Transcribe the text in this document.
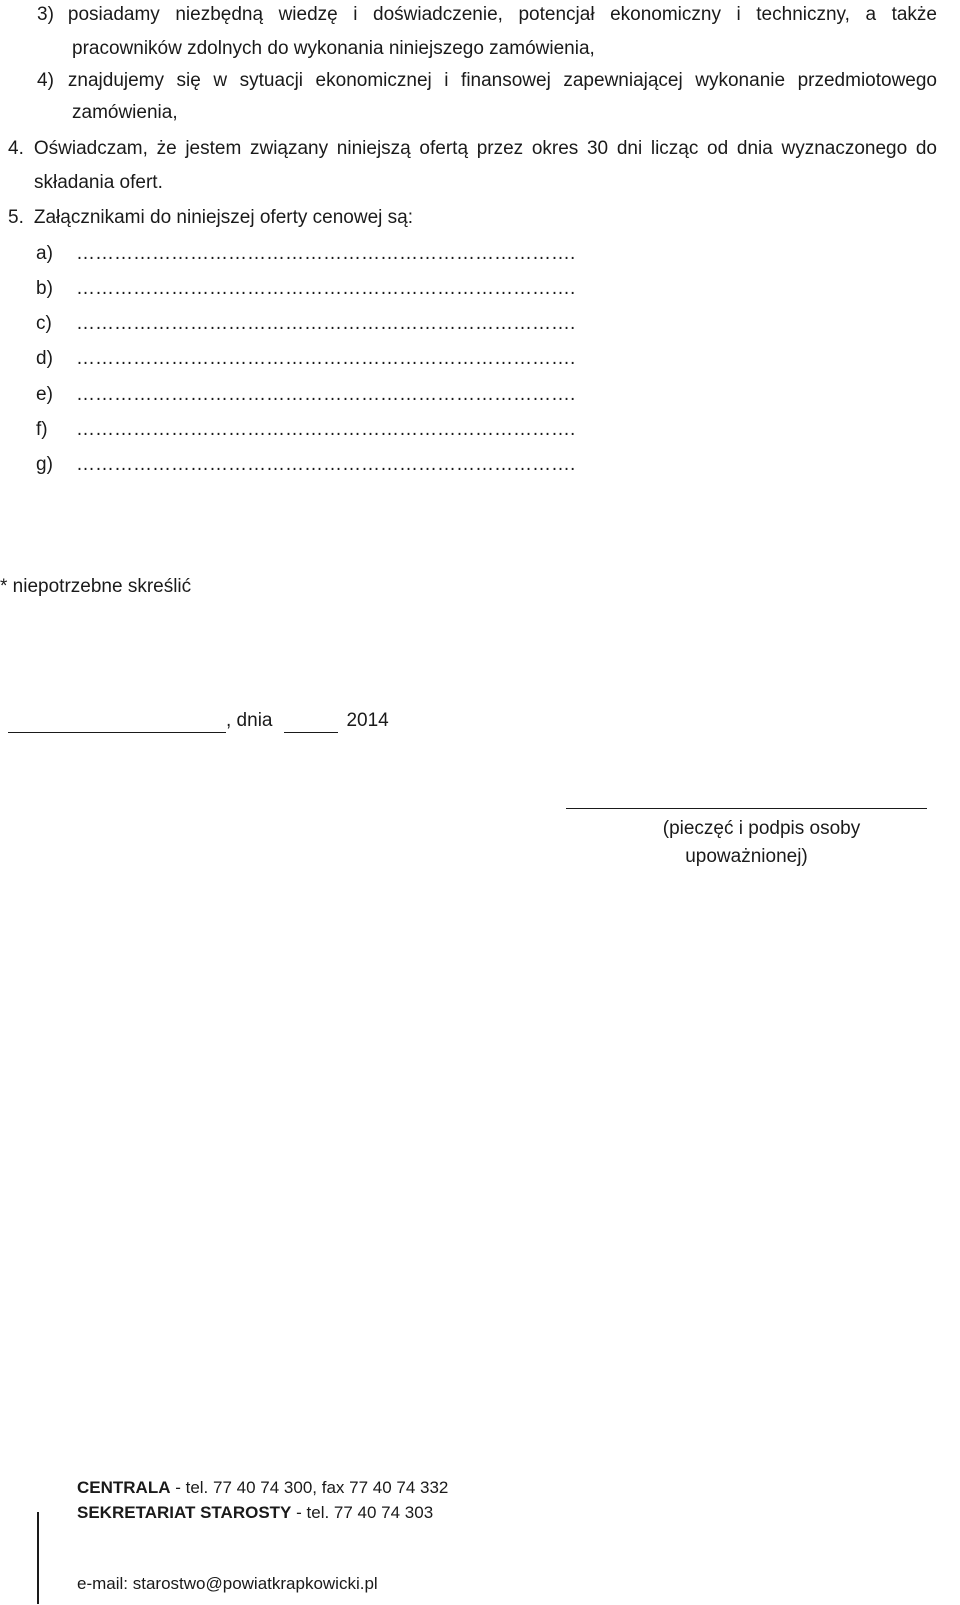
3) posiadamy niezbędną wiedzę i doświadczenie, potencjał ekonomiczny i techniczny, a także
pracowników zdolnych do wykonania niniejszego zamówienia,
4) znajdujemy się w sytuacji ekonomicznej i finansowej zapewniającej wykonanie przedmiotowego
zamówienia,
4. Oświadczam, że jestem związany niniejszą ofertą przez okres 30 dni licząc od dnia wyznaczonego do
składania ofert.
5. Załącznikami do niniejszej oferty cenowej są:
a) …………………………………………………………………….
b) …………………………………………………………………….
c) …………………………………………………………………….
d) …………………………………………………………………….
e) …………………………………………………………………….
f) …………………………………………………………………….
g) …………………………………………………………………….
* niepotrzebne skreślić
, dnia	2014
(pieczęć i podpis osoby
upoważnionej)
CENTRALA - tel. 77 40 74 300, fax 77 40 74 332
SEKRETARIAT STAROSTY - tel. 77 40 74 303
e-mail: starostwo@powiatkrapkowicki.pl
